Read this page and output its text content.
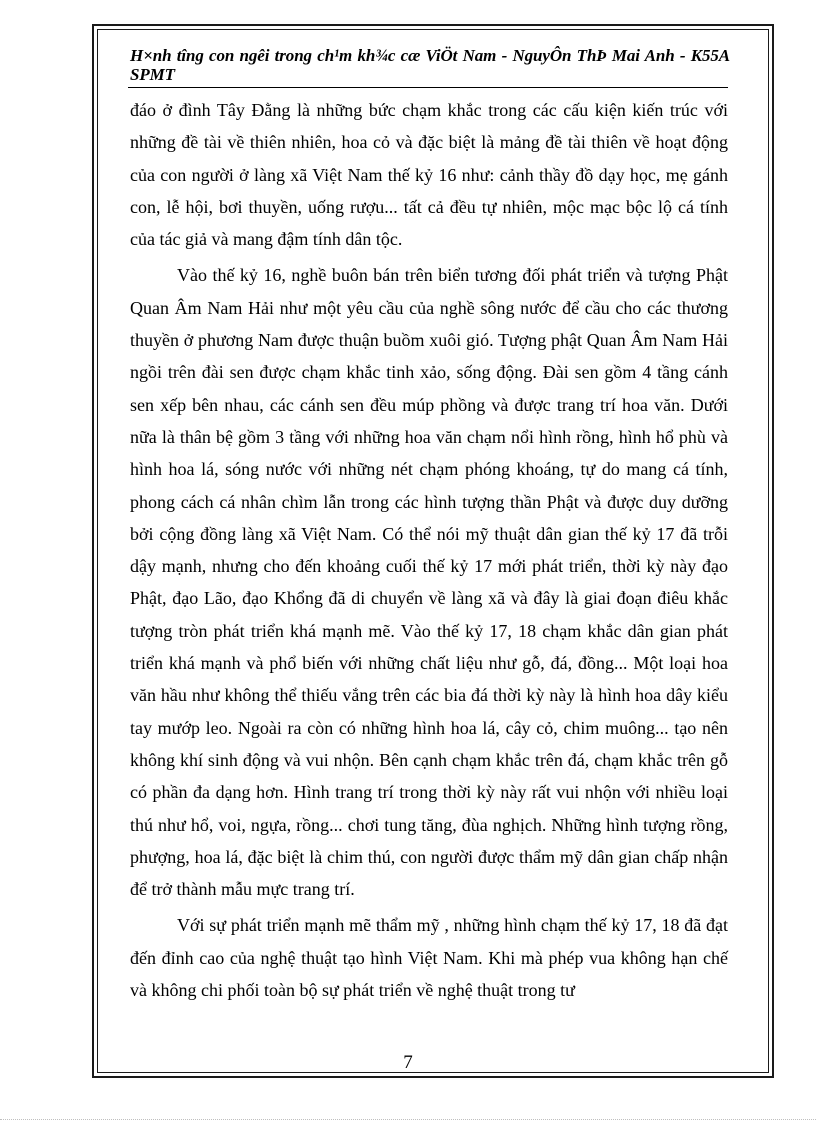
H×nh tîng con ngêi trong ch¹m kh¾c cæ ViÖt Nam - NguyÔn ThÞ Mai Anh - K55A SPMT

đáo ở đình Tây Đằng là những bức chạm khắc trong các cấu kiện kiến trúc với những đề tài về thiên nhiên, hoa cỏ và đặc biệt là mảng đề tài thiên về hoạt động của con người ở làng xã Việt Nam thế kỷ 16 như: cảnh thầy đồ dạy học, mẹ gánh con, lễ hội, bơi thuyền, uống rượu... tất cả đều tự nhiên, mộc mạc bộc lộ cá tính của tác giả và mang đậm tính dân tộc.

Vào thế kỷ 16, nghề buôn bán trên biển tương đối phát triển và tượng Phật Quan Âm Nam Hải như một yêu cầu của nghề sông nước để cầu cho các thương thuyền ở phương Nam được thuận buồm xuôi gió. Tượng phật Quan Âm Nam Hải ngồi trên đài sen được chạm khắc tinh xảo, sống động. Đài sen gồm 4 tầng cánh sen xếp bên nhau, các cánh sen đều múp phồng và được trang trí hoa văn. Dưới nữa là thân bệ gồm 3 tầng với những hoa văn chạm nổi hình rồng, hình hổ phù và hình hoa lá, sóng nước với những nét chạm phóng khoáng, tự do mang cá tính, phong cách cá nhân chìm lẫn trong các hình tượng thần Phật và được duy dưỡng bởi cộng đồng làng xã Việt Nam. Có thể nói mỹ thuật dân gian thế kỷ 17 đã trỗi dậy mạnh, nhưng cho đến khoảng cuối thế kỷ 17 mới phát triển, thời kỳ này đạo Phật, đạo Lão, đạo Khổng đã di chuyển về làng xã và đây là giai đoạn điêu khắc tượng tròn phát triển khá mạnh mẽ. Vào thế kỷ 17, 18 chạm khắc dân gian phát triển khá mạnh và phổ biến với những chất liệu như gỗ, đá, đồng... Một loại hoa văn hầu như không thể thiếu vắng trên các bia đá thời kỳ này là hình hoa dây kiểu tay mướp leo. Ngoài ra còn có những hình hoa lá, cây cỏ, chim muông... tạo nên không khí sinh động và vui nhộn. Bên cạnh chạm khắc trên đá, chạm khắc trên gỗ có phần đa dạng hơn. Hình trang trí trong thời kỳ này rất vui nhộn với nhiều loại thú như hổ, voi, ngựa, rồng... chơi tung tăng, đùa nghịch. Những hình tượng rồng, phượng, hoa lá, đặc biệt là chim thú, con người được thẩm mỹ dân gian chấp nhận để trở thành mẫu mực trang trí.

Với sự phát triển mạnh mẽ thẩm mỹ , những hình chạm thế kỷ 17, 18 đã đạt đến đỉnh cao của nghệ thuật tạo hình Việt Nam. Khi mà phép vua không hạn chế và không chi phối toàn bộ sự phát triển về nghệ thuật trong tư

7
